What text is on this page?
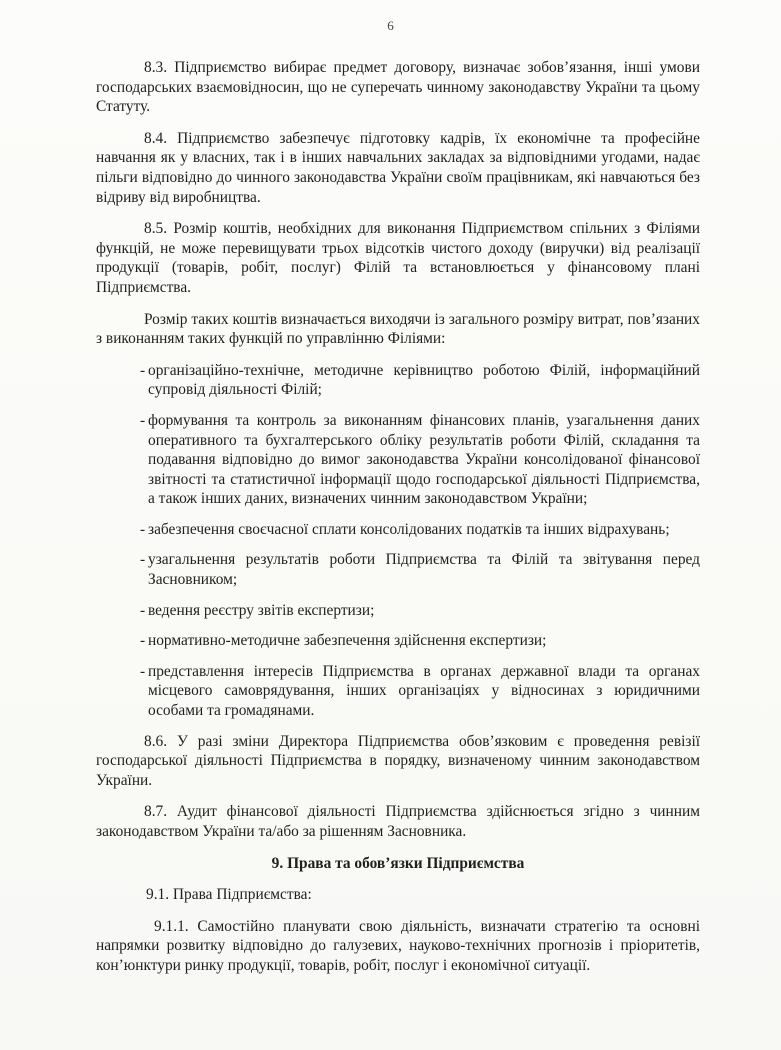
6

8.3. Підприємство вибирає предмет договору, визначає зобов’язання, інші умови господарських взаємовідносин, що не суперечать чинному законодавству України та цьому Статуту.

8.4. Підприємство забезпечує підготовку кадрів, їх економічне та професійне навчання як у власних, так і в інших навчальних закладах за відповідними угодами, надає пільги відповідно до чинного законодавства України своїм працівникам, які навчаються без відриву від виробництва.

8.5. Розмір коштів, необхідних для виконання Підприємством спільних з Філіями функцій, не може перевищувати трьох відсотків чистого доходу (виручки) від реалізації продукції (товарів, робіт, послуг) Філій та встановлюється у фінансовому плані Підприємства.

Розмір таких коштів визначається виходячи із загального розміру витрат, пов’язаних з виконанням таких функцій по управлінню Філіями:

- організаційно-технічне, методичне керівництво роботою Філій, інформаційний супровід діяльності Філій;
- формування та контроль за виконанням фінансових планів, узагальнення даних оперативного та бухгалтерського обліку результатів роботи Філій, складання та подавання відповідно до вимог законодавства України консолідованої фінансової звітності та статистичної інформації щодо господарської діяльності Підприємства, а також інших даних, визначених чинним законодавством України;
- забезпечення своєчасної сплати консолідованих податків та інших відрахувань;
- узагальнення результатів роботи Підприємства та Філій та звітування перед Засновником;
- ведення реєстру звітів експертизи;
- нормативно-методичне забезпечення здійснення експертизи;
- представлення інтересів Підприємства в органах державної влади та органах місцевого самоврядування, інших організаціях у відносинах з юридичними особами та громадянами.

8.6. У разі зміни Директора Підприємства обов’язковим є проведення ревізії господарської діяльності Підприємства в порядку, визначеному чинним законодавством України.

8.7. Аудит фінансової діяльності Підприємства здійснюється згідно з чинним законодавством України та/або за рішенням Засновника.

9. Права та обов’язки Підприємства
9.1. Права Підприємства:

9.1.1. Самостійно планувати свою діяльність, визначати стратегію та основні напрямки розвитку відповідно до галузевих, науково-технічних прогнозів і пріоритетів, кон’юнктури ринку продукції, товарів, робіт, послуг і економічної ситуації.
